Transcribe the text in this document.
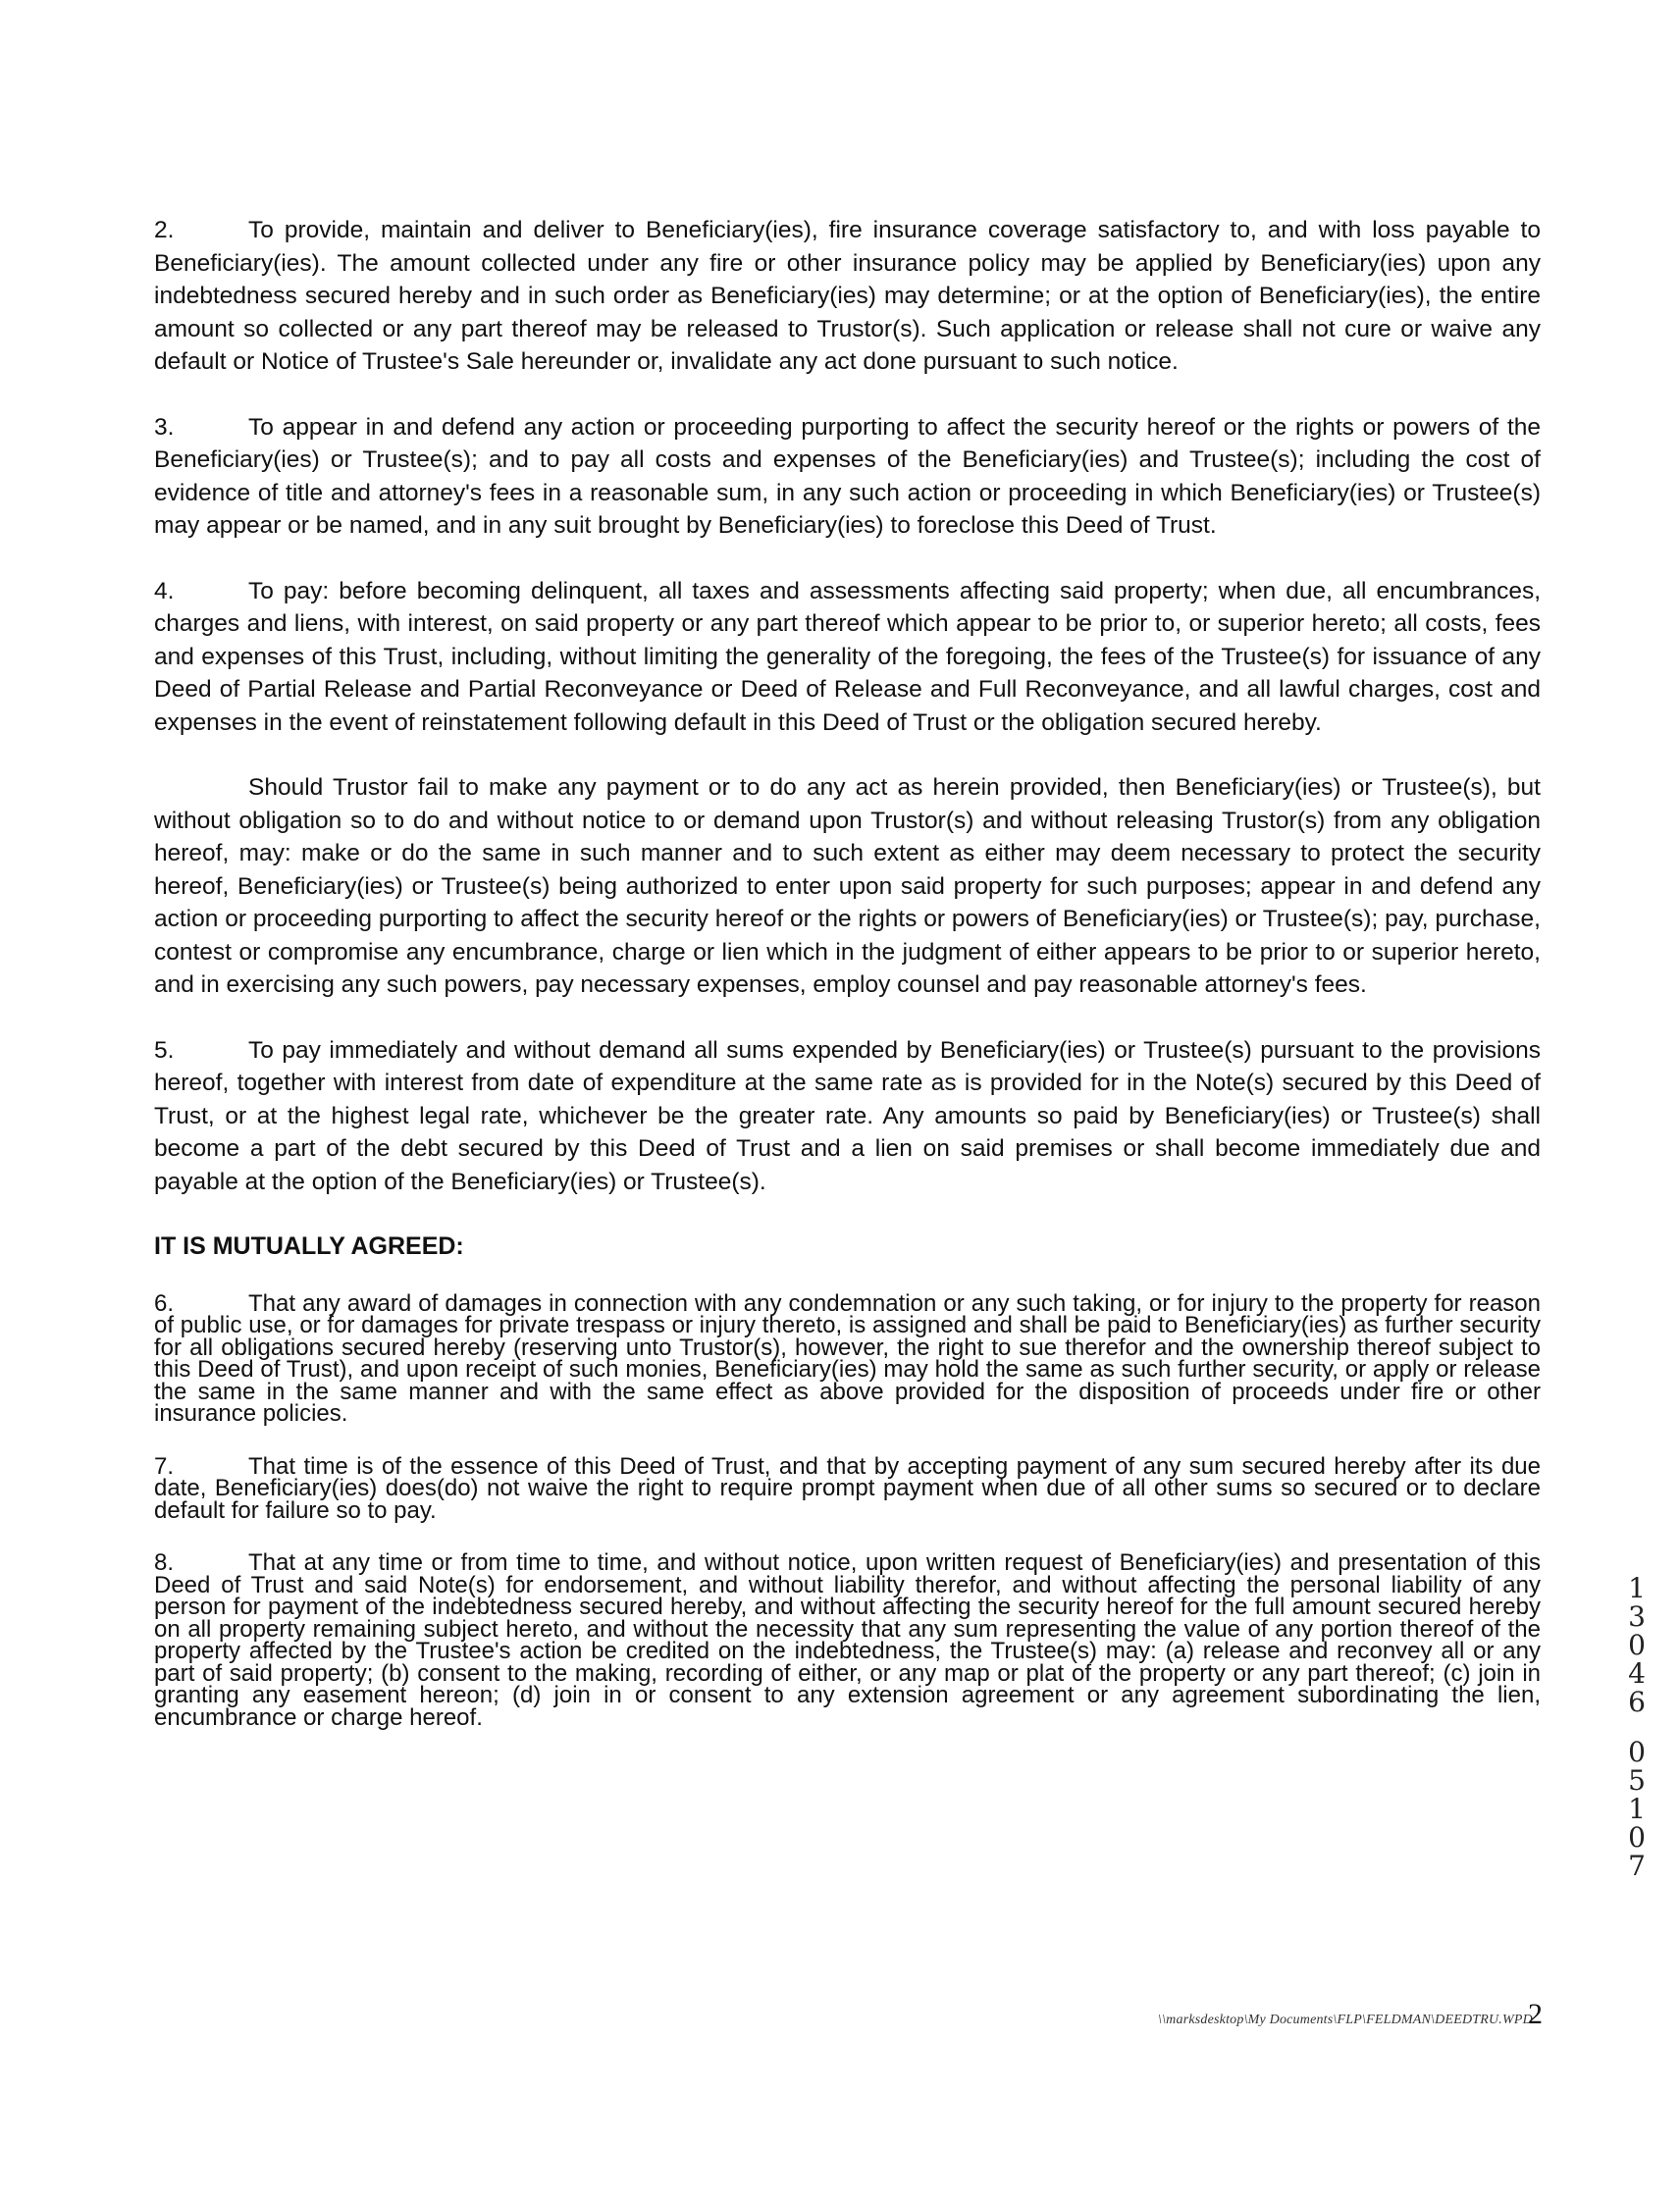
2.	To provide, maintain and deliver to Beneficiary(ies), fire insurance coverage satisfactory to, and with loss payable to Beneficiary(ies). The amount collected under any fire or other insurance policy may be applied by Beneficiary(ies) upon any indebtedness secured hereby and in such order as Beneficiary(ies) may determine; or at the option of Beneficiary(ies), the entire amount so collected or any part thereof may be released to Trustor(s). Such application or release shall not cure or waive any default or Notice of Trustee's Sale hereunder or, invalidate any act done pursuant to such notice.

3.	To appear in and defend any action or proceeding purporting to affect the security hereof or the rights or powers of the Beneficiary(ies) or Trustee(s); and to pay all costs and expenses of the Beneficiary(ies) and Trustee(s); including the cost of evidence of title and attorney's fees in a reasonable sum, in any such action or proceeding in which Beneficiary(ies) or Trustee(s) may appear or be named, and in any suit brought by Beneficiary(ies) to foreclose this Deed of Trust.

4.	To pay: before becoming delinquent, all taxes and assessments affecting said property; when due, all encumbrances, charges and liens, with interest, on said property or any part thereof which appear to be prior to, or superior hereto; all costs, fees and expenses of this Trust, including, without limiting the generality of the foregoing, the fees of the Trustee(s) for issuance of any Deed of Partial Release and Partial Reconveyance or Deed of Release and Full Reconveyance, and all lawful charges, cost and expenses in the event of reinstatement following default in this Deed of Trust or the obligation secured hereby.

Should Trustor fail to make any payment or to do any act as herein provided, then Beneficiary(ies) or Trustee(s), but without obligation so to do and without notice to or demand upon Trustor(s) and without releasing Trustor(s) from any obligation hereof, may: make or do the same in such manner and to such extent as either may deem necessary to protect the security hereof, Beneficiary(ies) or Trustee(s) being authorized to enter upon said property for such purposes; appear in and defend any action or proceeding purporting to affect the security hereof or the rights or powers of Beneficiary(ies) or Trustee(s); pay, purchase, contest or compromise any encumbrance, charge or lien which in the judgment of either appears to be prior to or superior hereto, and in exercising any such powers, pay necessary expenses, employ counsel and pay reasonable attorney's fees.

5.	To pay immediately and without demand all sums expended by Beneficiary(ies) or Trustee(s) pursuant to the provisions hereof, together with interest from date of expenditure at the same rate as is provided for in the Note(s) secured by this Deed of Trust, or at the highest legal rate, whichever be the greater rate. Any amounts so paid by Beneficiary(ies) or Trustee(s) shall become a part of the debt secured by this Deed of Trust and a lien on said premises or shall become immediately due and payable at the option of the Beneficiary(ies) or Trustee(s).

IT IS MUTUALLY AGREED:

6.	That any award of damages in connection with any condemnation or any such taking, or for injury to the property for reason of public use, or for damages for private trespass or injury thereto, is assigned and shall be paid to Beneficiary(ies) as further security for all obligations secured hereby (reserving unto Trustor(s), however, the right to sue therefor and the ownership thereof subject to this Deed of Trust), and upon receipt of such monies, Beneficiary(ies) may hold the same as such further security, or apply or release the same in the same manner and with the same effect as above provided for the disposition of proceeds under fire or other insurance policies.

7.	That time is of the essence of this Deed of Trust, and that by accepting payment of any sum secured hereby after its due date, Beneficiary(ies) does(do) not waive the right to require prompt payment when due of all other sums so secured or to declare default for failure so to pay.

8.	That at any time or from time to time, and without notice, upon written request of Beneficiary(ies) and presentation of this Deed of Trust and said Note(s) for endorsement, and without liability therefor, and without affecting the personal liability of any person for payment of the indebtedness secured hereby, and without affecting the security hereof for the full amount secured hereby on all property remaining subject hereto, and without the necessity that any sum representing the value of any portion thereof of the property affected by the Trustee's action be credited on the indebtedness, the Trustee(s) may: (a) release and reconvey all or any part of said property; (b) consent to the making, recording of either, or any map or plat of the property or any part thereof; (c) join in granting any easement hereon; (d) join in or consent to any extension agreement or any agreement subordinating the lien, encumbrance or charge hereof.

1
3
0
4
6
0
5
1
0
7
\\marksdesktop\My Documents\FLP\FELDMAN\DEEDTRU.WPD
2
